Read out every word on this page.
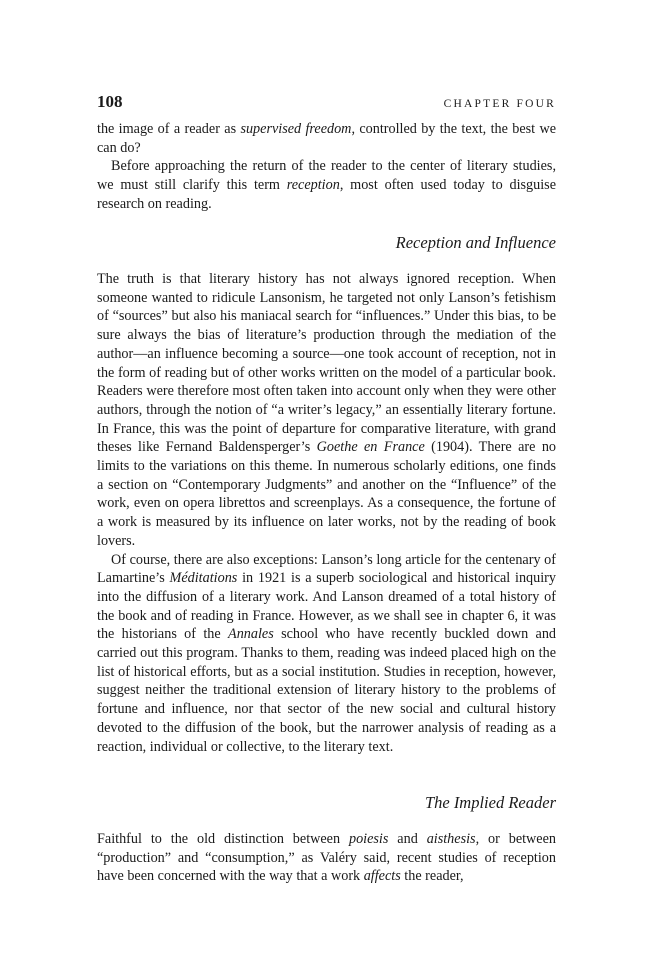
108	CHAPTER FOUR

the image of a reader as supervised freedom, controlled by the text, the best we can do?

Before approaching the return of the reader to the center of literary studies, we must still clarify this term reception, most often used today to disguise research on reading.

Reception and Influence

The truth is that literary history has not always ignored reception. When someone wanted to ridicule Lansonism, he targeted not only Lanson’s fetishism of “sources” but also his maniacal search for “influences.” Under this bias, to be sure always the bias of literature’s production through the mediation of the author—an influence becoming a source—one took account of reception, not in the form of reading but of other works written on the model of a particular book. Readers were therefore most often taken into account only when they were other authors, through the notion of “a writer’s legacy,” an essentially literary fortune. In France, this was the point of departure for comparative literature, with grand theses like Fernand Baldensperger’s Goethe en France (1904). There are no limits to the variations on this theme. In numerous scholarly editions, one finds a section on “Contemporary Judgments” and another on the “Influence” of the work, even on opera librettos and screenplays. As a consequence, the fortune of a work is measured by its influence on later works, not by the reading of book lovers.

Of course, there are also exceptions: Lanson’s long article for the centenary of Lamartine’s Méditations in 1921 is a superb sociological and historical inquiry into the diffusion of a literary work. And Lanson dreamed of a total history of the book and of reading in France. However, as we shall see in chapter 6, it was the historians of the Annales school who have recently buckled down and carried out this program. Thanks to them, reading was indeed placed high on the list of historical efforts, but as a social institution. Studies in reception, however, suggest neither the traditional extension of literary history to the problems of fortune and influence, nor that sector of the new social and cultural history devoted to the diffusion of the book, but the narrower analysis of reading as a reaction, individual or collective, to the literary text.

The Implied Reader

Faithful to the old distinction between poiesis and aisthesis, or between “production” and “consumption,” as Valéry said, recent studies of reception have been concerned with the way that a work affects the reader,
